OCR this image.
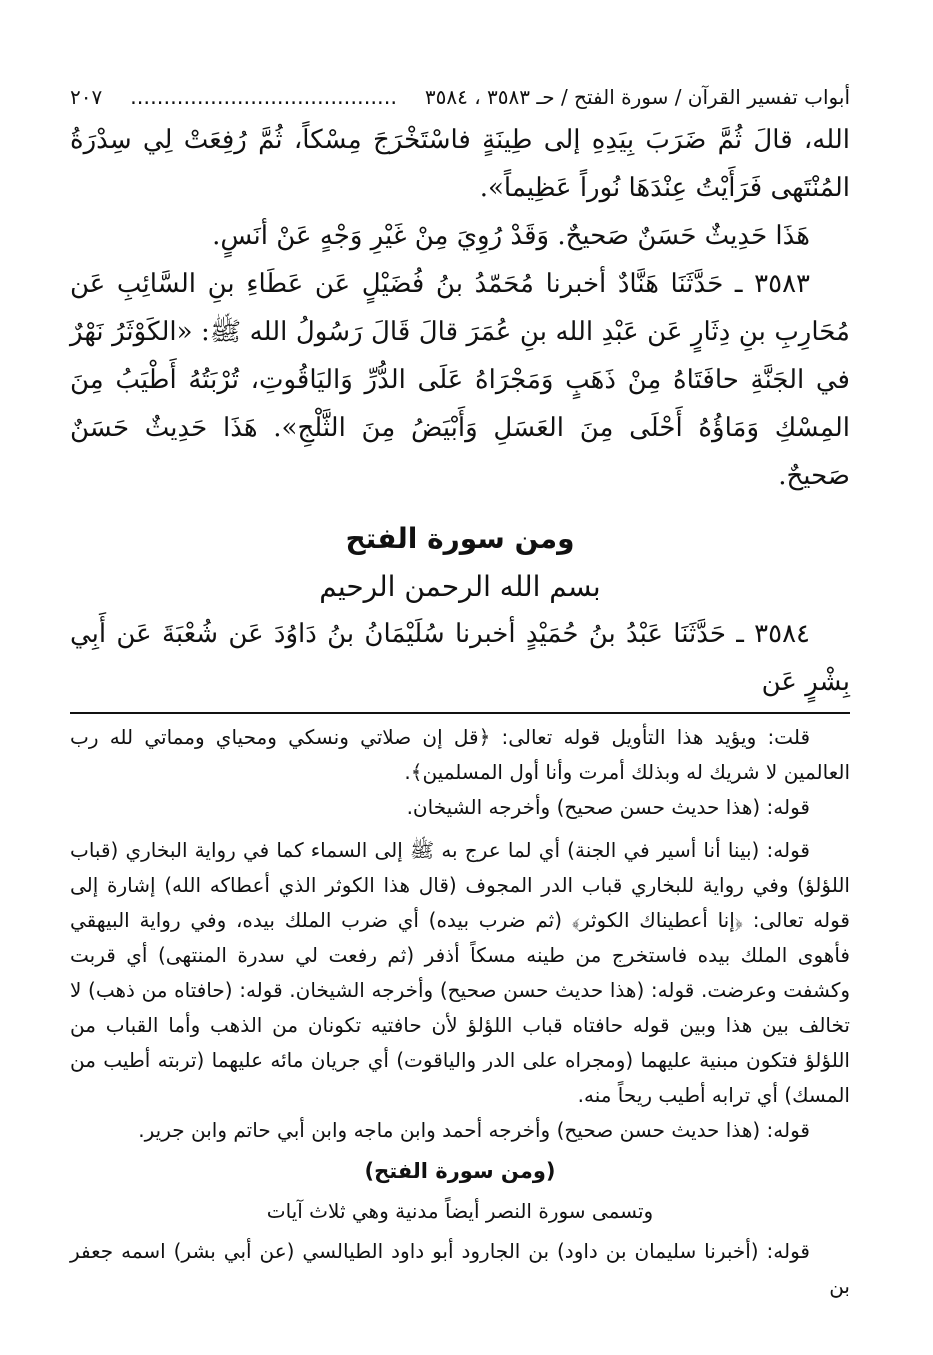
أبواب تفسير القرآن / سورة الفتح / حـ ٣٥٨٣ ، ٣٥٨٤
........................................
٢٠٧

الله، قالَ ثُمَّ ضَرَبَ بِيَدِهِ إلى طِينَةٍ فاسْتَخْرَجَ مِسْكاً، ثُمَّ رُفِعَتْ لِي سِدْرَةُ المُنْتَهى فَرَأَيْتُ عِنْدَهَا نُوراً عَظِيماً».

هَذَا حَدِيثٌ حَسَنٌ صَحيحٌ. وَقَدْ رُوِيَ مِنْ غَيْرِ وَجْهٍ عَنْ أنَسٍ.

٣٥٨٣ ـ حَدَّثَنَا هَنَّادٌ أخبرنا مُحَمّدُ بنُ فُضَيْلٍ عَن عَطَاءِ بنِ السَّائِبِ عَن مُحَارِبِ بنِ دِثَارٍ عَن عَبْدِ الله بنِ عُمَرَ قالَ قَالَ رَسُولُ الله ﷺ: «الكَوْثَرُ نَهْرٌ في الجَنَّةِ حافَتَاهُ مِنْ ذَهَبٍ وَمَجْرَاهُ عَلَى الدُّرِّ وَاليَاقُوتِ، تُرْبَتُهُ أَطْيَبُ مِنَ المِسْكِ وَمَاؤُهُ أَحْلَى مِنَ العَسَلِ وَأَبْيَضُ مِنَ الثَّلْجِ». هَذَا حَدِيثٌ حَسَنٌ صَحيحٌ.

ومن سورة الفتح

بسم الله الرحمن الرحيم

٣٥٨٤ ـ حَدَّثَنَا عَبْدُ بنُ حُمَيْدٍ أخبرنا سُلَيْمَانُ بنُ دَاوُدَ عَن شُعْبَةَ عَن أَبِي بِشْرٍ عَن

قلت: ويؤيد هذا التأويل قوله تعالى: ﴿قل إن صلاتي ونسكي ومحياي ومماتي لله رب العالمين لا شريك له وبذلك أمرت وأنا أول المسلمين﴾.

قوله: (هذا حديث حسن صحيح) وأخرجه الشيخان.

قوله: (بينا أنا أسير في الجنة) أي لما عرج به ﷺ إلى السماء كما في رواية البخاري (قباب اللؤلؤ) وفي رواية للبخاري قباب الدر المجوف (قال هذا الكوثر الذي أعطاكه الله) إشارة إلى قوله تعالى: ﴿إنا أعطيناك الكوثر﴾ (ثم ضرب بيده) أي ضرب الملك بيده، وفي رواية البيهقي فأهوى الملك بيده فاستخرج من طينه مسكاً أذفر (ثم رفعت لي سدرة المنتهى) أي قربت وكشفت وعرضت. قوله: (هذا حديث حسن صحيح) وأخرجه الشيخان. قوله: (حافتاه من ذهب) لا تخالف بين هذا وبين قوله حافتاه قباب اللؤلؤ لأن حافتيه تكونان من الذهب وأما القباب من اللؤلؤ فتكون مبنية عليهما (ومجراه على الدر والياقوت) أي جريان مائه عليهما (تربته أطيب من المسك) أي ترابه أطيب ريحاً منه.

قوله: (هذا حديث حسن صحيح) وأخرجه أحمد وابن ماجه وابن أبي حاتم وابن جرير.

(ومن سورة الفتح)

وتسمى سورة النصر أيضاً مدنية وهي ثلاث آيات

قوله: (أخبرنا سليمان بن داود) بن الجارود أبو داود الطيالسي (عن أبي بشر) اسمه جعفر بن
